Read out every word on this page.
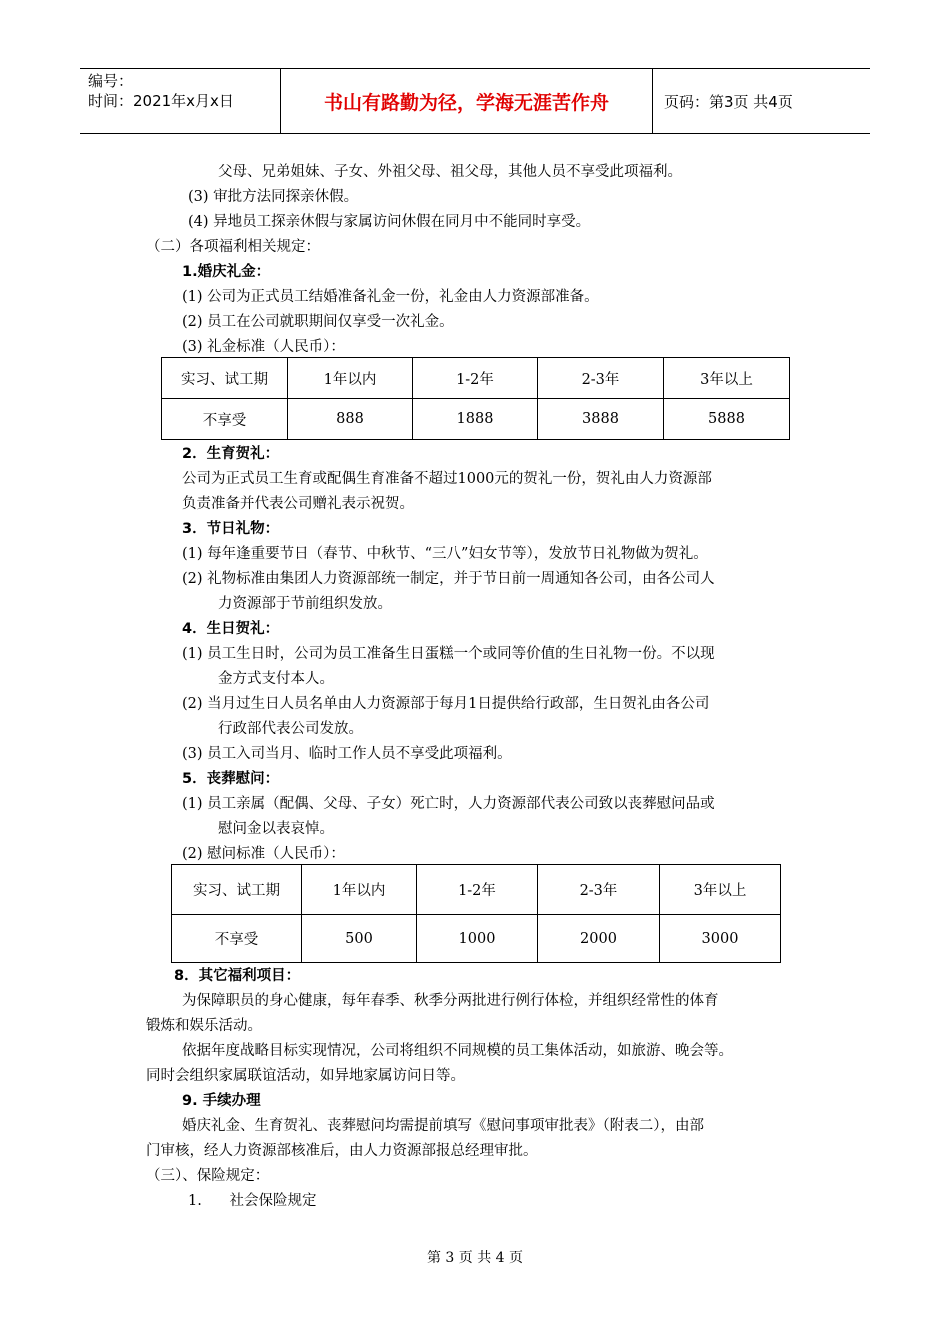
编号：
时间：2021年x月x日	书山有路勤为径，学海无涯苦作舟	页码：第3页 共4页
父母、兄弟姐妹、子女、外祖父母、祖父母，其他人员不享受此项福利。
(3) 审批方法同探亲休假。
(4) 异地员工探亲休假与家属访问休假在同月中不能同时享受。
（二）各项福利相关规定：
1.婚庆礼金：
(1) 公司为正式员工结婚准备礼金一份，礼金由人力资源部准备。
(2) 员工在公司就职期间仅享受一次礼金。
(3) 礼金标准（人民币）：
实习、试工期	1年以内	1-2年	2-3年	3年以上
不享受	888	1888	3888	5888
2．生育贺礼：
公司为正式员工生育或配偶生育准备不超过1000元的贺礼一份，贺礼由人力资源部
负责准备并代表公司赠礼表示祝贺。
3．节日礼物：
(1) 每年逢重要节日（春节、中秋节、“三八”妇女节等），发放节日礼物做为贺礼。
(2) 礼物标准由集团人力资源部统一制定，并于节日前一周通知各公司，由各公司人
力资源部于节前组织发放。
4．生日贺礼：
(1) 员工生日时，公司为员工准备生日蛋糕一个或同等价值的生日礼物一份。不以现
金方式支付本人。
(2) 当月过生日人员名单由人力资源部于每月1日提供给行政部，生日贺礼由各公司
行政部代表公司发放。
(3) 员工入司当月、临时工作人员不享受此项福利。
5．丧葬慰问：
(1) 员工亲属（配偶、父母、子女）死亡时，人力资源部代表公司致以丧葬慰问品或
慰问金以表哀悼。
(2) 慰问标准（人民币）：
实习、试工期	1年以内	1-2年	2-3年	3年以上
不享受	500	1000	2000	3000
8．其它福利项目：
为保障职员的身心健康，每年春季、秋季分两批进行例行体检，并组织经常性的体育
锻炼和娱乐活动。
依据年度战略目标实现情况，公司将组织不同规模的员工集体活动，如旅游、晚会等。
同时会组织家属联谊活动，如异地家属访问日等。
9. 手续办理
婚庆礼金、生育贺礼、丧葬慰问均需提前填写《慰问事项审批表》（附表二），由部
门审核，经人力资源部核准后，由人力资源部报总经理审批。
（三）、保险规定：
1.      社会保险规定
第 3 页 共 4 页
